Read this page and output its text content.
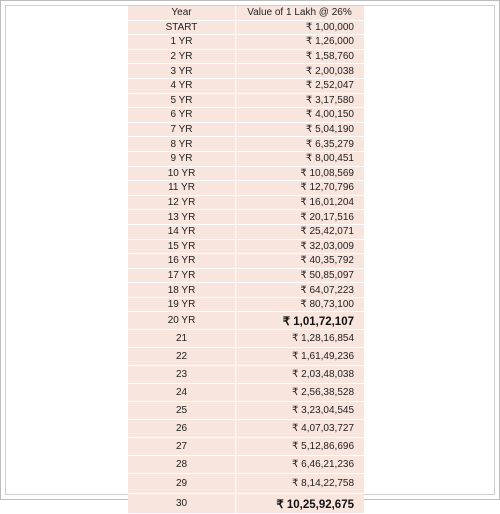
Year	Value of 1 Lakh @ 26%
START	₹ 1,00,000
1 YR	₹ 1,26,000
2 YR	₹ 1,58,760
3 YR	₹ 2,00,038
4 YR	₹ 2,52,047
5 YR	₹ 3,17,580
6 YR	₹ 4,00,150
7 YR	₹ 5,04,190
8 YR	₹ 6,35,279
9 YR	₹ 8,00,451
10 YR	₹ 10,08,569
11 YR	₹ 12,70,796
12 YR	₹ 16,01,204
13 YR	₹ 20,17,516
14 YR	₹ 25,42,071
15 YR	₹ 32,03,009
16 YR	₹ 40,35,792
17 YR	₹ 50,85,097
18 YR	₹ 64,07,223
19 YR	₹ 80,73,100
20 YR	₹ 1,01,72,107
21	₹ 1,28,16,854
22	₹ 1,61,49,236
23	₹ 2,03,48,038
24	₹ 2,56,38,528
25	₹ 3,23,04,545
26	₹ 4,07,03,727
27	₹ 5,12,86,696
28	₹ 6,46,21,236
29	₹ 8,14,22,758
30	₹ 10,25,92,675
